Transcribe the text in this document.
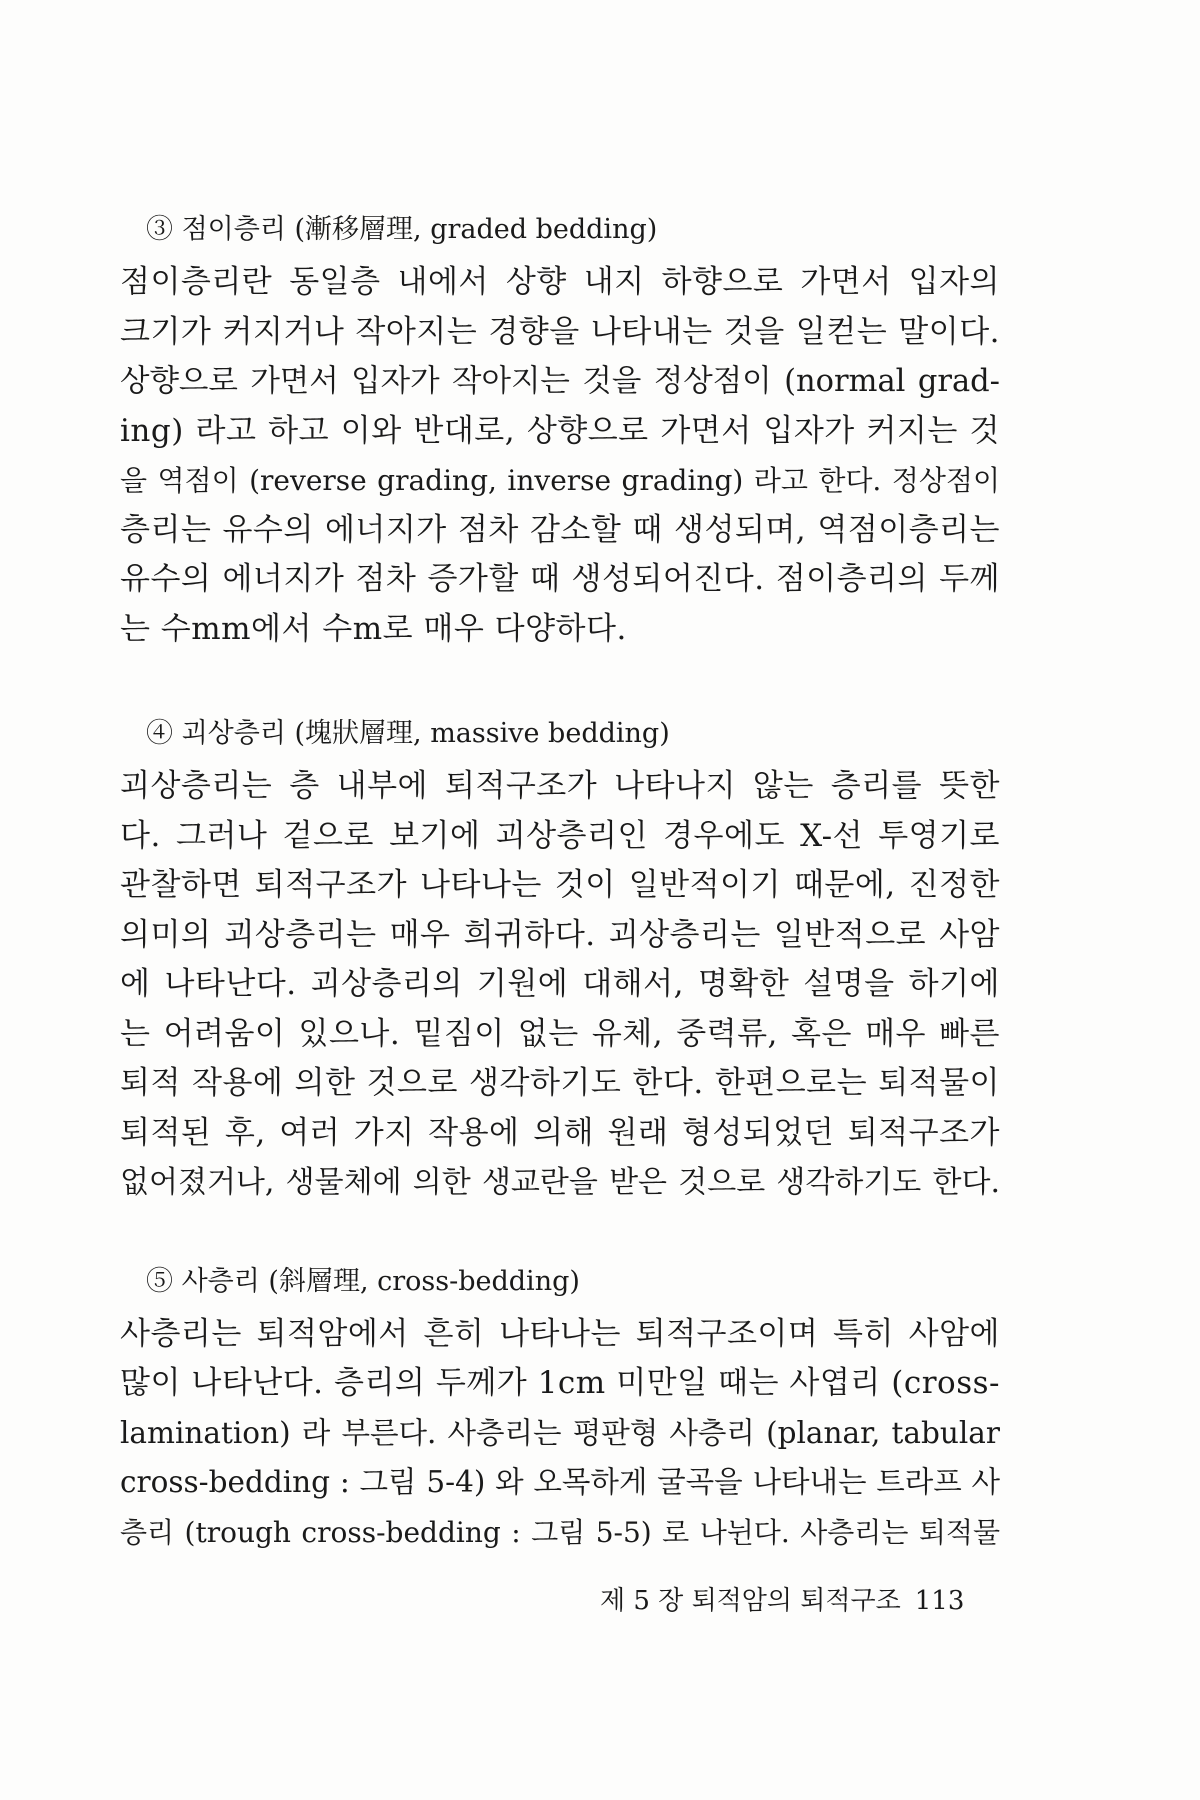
③ 점이층리 (漸移層理, graded bedding)
점이층리란 동일층 내에서 상향 내지 하향으로 가면서 입자의
크기가 커지거나 작아지는 경향을 나타내는 것을 일컫는 말이다.
상향으로 가면서 입자가 작아지는 것을 정상점이 (normal grad-
ing) 라고 하고 이와 반대로, 상향으로 가면서 입자가 커지는 것
을 역점이 (reverse grading, inverse grading) 라고 한다. 정상점이
층리는 유수의 에너지가 점차 감소할 때 생성되며, 역점이층리는
유수의 에너지가 점차 증가할 때 생성되어진다. 점이층리의 두께
는 수mm에서 수m로 매우 다양하다.
④ 괴상층리 (塊狀層理, massive bedding)
괴상층리는 층 내부에 퇴적구조가 나타나지 않는 층리를 뜻한
다. 그러나 겉으로 보기에 괴상층리인 경우에도 X-선 투영기로
관찰하면 퇴적구조가 나타나는 것이 일반적이기 때문에, 진정한
의미의 괴상층리는 매우 희귀하다. 괴상층리는 일반적으로 사암
에 나타난다. 괴상층리의 기원에 대해서, 명확한 설명을 하기에
는 어려움이 있으나. 밑짐이 없는 유체, 중력류, 혹은 매우 빠른
퇴적 작용에 의한 것으로 생각하기도 한다. 한편으로는 퇴적물이
퇴적된 후, 여러 가지 작용에 의해 원래 형성되었던 퇴적구조가
없어졌거나, 생물체에 의한 생교란을 받은 것으로 생각하기도 한다.
⑤ 사층리 (斜層理, cross-bedding)
사층리는 퇴적암에서 흔히 나타나는 퇴적구조이며 특히 사암에
많이 나타난다. 층리의 두께가 1cm 미만일 때는 사엽리 (cross-
lamination) 라 부른다. 사층리는 평판형 사층리 (planar, tabular
cross-bedding : 그림 5-4) 와 오목하게 굴곡을 나타내는 트라프 사
층리 (trough cross-bedding : 그림 5-5) 로 나뉜다. 사층리는 퇴적물
제 5 장 퇴적암의 퇴적구조 113
